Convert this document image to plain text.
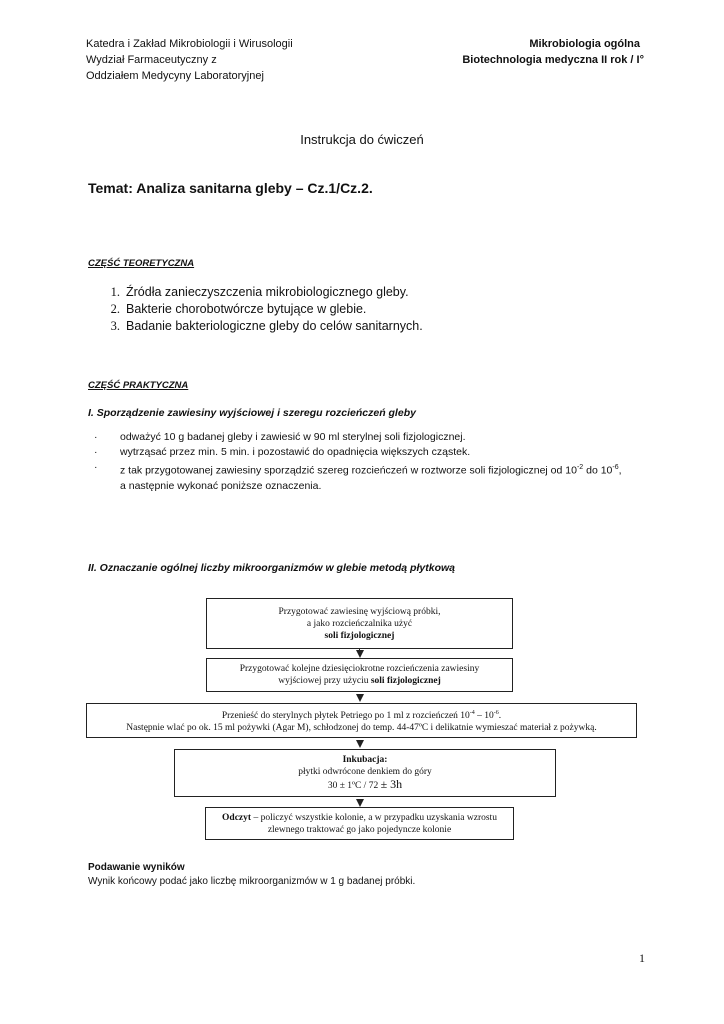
Katedra i Zakład Mikrobiologii i Wirusologii
Wydział Farmaceutyczny z
Oddziałem Medycyny Laboratoryjnej
Mikrobiologia ogólna
Biotechnologia medyczna II rok / I°
Instrukcja do ćwiczeń
Temat: Analiza sanitarna gleby – Cz.1/Cz.2.
CZĘŚĆ TEORETYCZNA
1. Źródła zanieczyszczenia mikrobiologicznego gleby.
2. Bakterie chorobotwórcze bytujące w glebie.
3. Badanie bakteriologiczne gleby do celów sanitarnych.
CZĘŚĆ PRAKTYCZNA
I. Sporządzenie zawiesiny wyjściowej i szeregu rozcieńczeń gleby
·	odważyć 10 g badanej gleby i zawiesić w 90 ml sterylnej soli fizjologicznej.
·	wytrząsać przez min. 5 min. i pozostawić do opadnięcia większych cząstek.
·	z tak przygotowanej zawiesiny sporządzić szereg rozcieńczeń w roztworze soli fizjologicznej od $10^{-2}$ do $10^{-6}$,
a następnie wykonać poniższe oznaczenia.
II. Oznaczanie ogólnej liczby mikroorganizmów w glebie metodą płytkową
Przygotować zawiesinę wyjściową próbki,
a jako rozcieńczalnika użyć
soli fizjologicznej
Przygotować kolejne dziesięciokrotne rozcieńczenia zawiesiny
wyjściowej przy użyciu soli fizjologicznej
Przenieść do sterylnych płytek Petriego po 1 ml z rozcieńczeń $10^{-4} - 10^{-6}$.
Następnie wlać po ok. 15 ml pożywki (Agar M), schłodzonej do temp. 44-47ºC i delikatnie wymieszać materiał z pożywką.
Inkubacja:
płytki odwrócone denkiem do góry
30 ± 1ºC / 72 ± 3h
Odczyt – policzyć wszystkie kolonie, a w przypadku uzyskania wzrostu
zlewnego traktować go jako pojedyncze kolonie
Podawanie wyników
Wynik końcowy podać jako liczbę mikroorganizmów w 1 g badanej próbki.
1
